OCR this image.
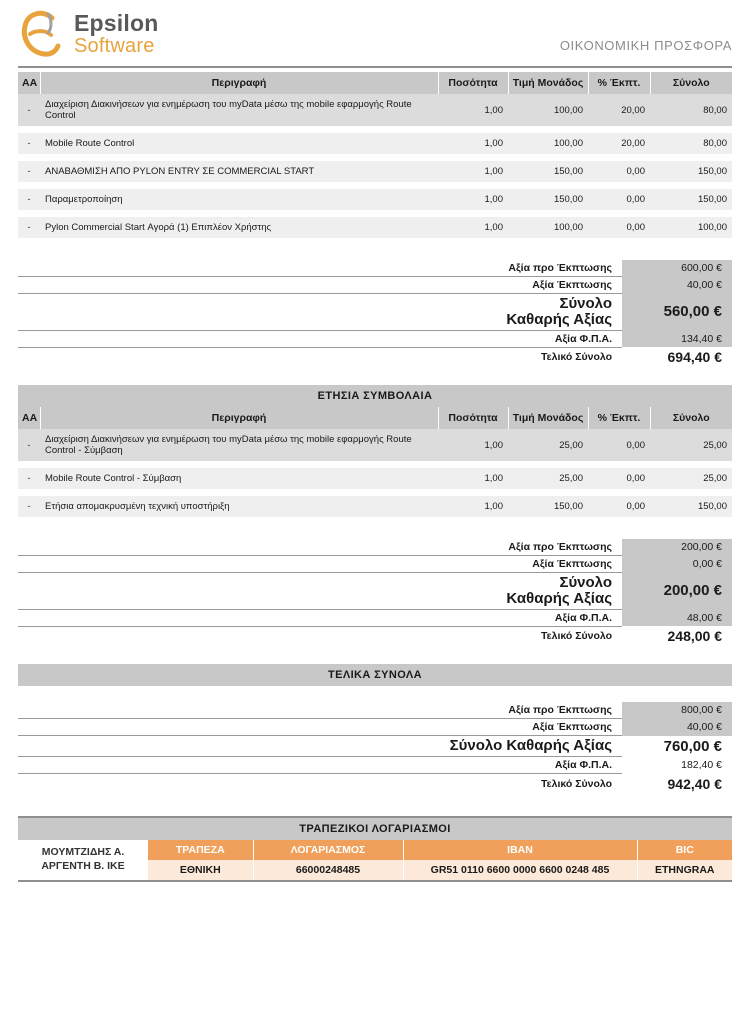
Epsilon
Software	ΟΙΚΟΝΟΜΙΚΗ ΠΡΟΣΦΟΡΑ
ΑΑ	Περιγραφή	Ποσότητα	Τιμή Μονάδος	% Έκπτ.	Σύνολο
-	Διαχείριση Διακινήσεων για ενημέρωση του myData μέσω της mobile εφαρμογής Route Control	1,00	100,00	20,00	80,00

-	Mobile Route Control	1,00	100,00	20,00	80,00

-	ΑΝΑΒΑΘΜΙΣΗ ΑΠΟ PYLON ENTRY ΣΕ COMMERCIAL START	1,00	150,00	0,00	150,00

-	Παραμετροποίηση	1,00	150,00	0,00	150,00

-	Pylon Commercial Start Αγορά (1) Επιπλέον Χρήστης	1,00	100,00	0,00	100,00
	Αξία προ Έκπτωσης	600,00 €
	Αξία Έκπτωσης	40,00 €

	Σύνολο
Καθαρής Αξίας	560,00 €
	Αξία Φ.Π.Α.	134,40 €
	Τελικό Σύνολο	694,40 €
ΕΤΗΣΙΑ ΣΥΜΒΟΛΑΙΑ
ΑΑ	Περιγραφή	Ποσότητα	Τιμή Μονάδος	% Έκπτ.	Σύνολο
-	Διαχείριση Διακινήσεων για ενημέρωση του myData μέσω της mobile εφαρμογής Route Control - Σύμβαση	1,00	25,00	0,00	25,00

-	Mobile Route Control - Σύμβαση	1,00	25,00	0,00	25,00

-	Ετήσια απομακρυσμένη τεχνική υποστήριξη	1,00	150,00	0,00	150,00
	Αξία προ Έκπτωσης	200,00 €
	Αξία Έκπτωσης	0,00 €

	Σύνολο
Καθαρής Αξίας	200,00 €
	Αξία Φ.Π.Α.	48,00 €
	Τελικό Σύνολο	248,00 €
ΤΕΛΙΚΑ ΣΥΝΟΛΑ
	Αξία προ Έκπτωσης	800,00 €
	Αξία Έκπτωσης	40,00 €
	Σύνολο Καθαρής Αξίας	760,00 €
	Αξία Φ.Π.Α.	182,40 €
	Τελικό Σύνολο	942,40 €
ΤΡΑΠΕΖΙΚΟΙ ΛΟΓΑΡΙΑΣΜΟΙ
ΜΟΥΜΤΖΙΔΗΣ Α.
ΑΡΓΕΝΤΗ Β. ΙΚΕ	ΤΡΑΠΕΖΑ	ΛΟΓΑΡΙΑΣΜΟΣ	IBAN	BIC
	ΕΘΝΙΚΗ	66000248485	GR51 0110 6600 0000 6600 0248 485	ETHNGRAA
